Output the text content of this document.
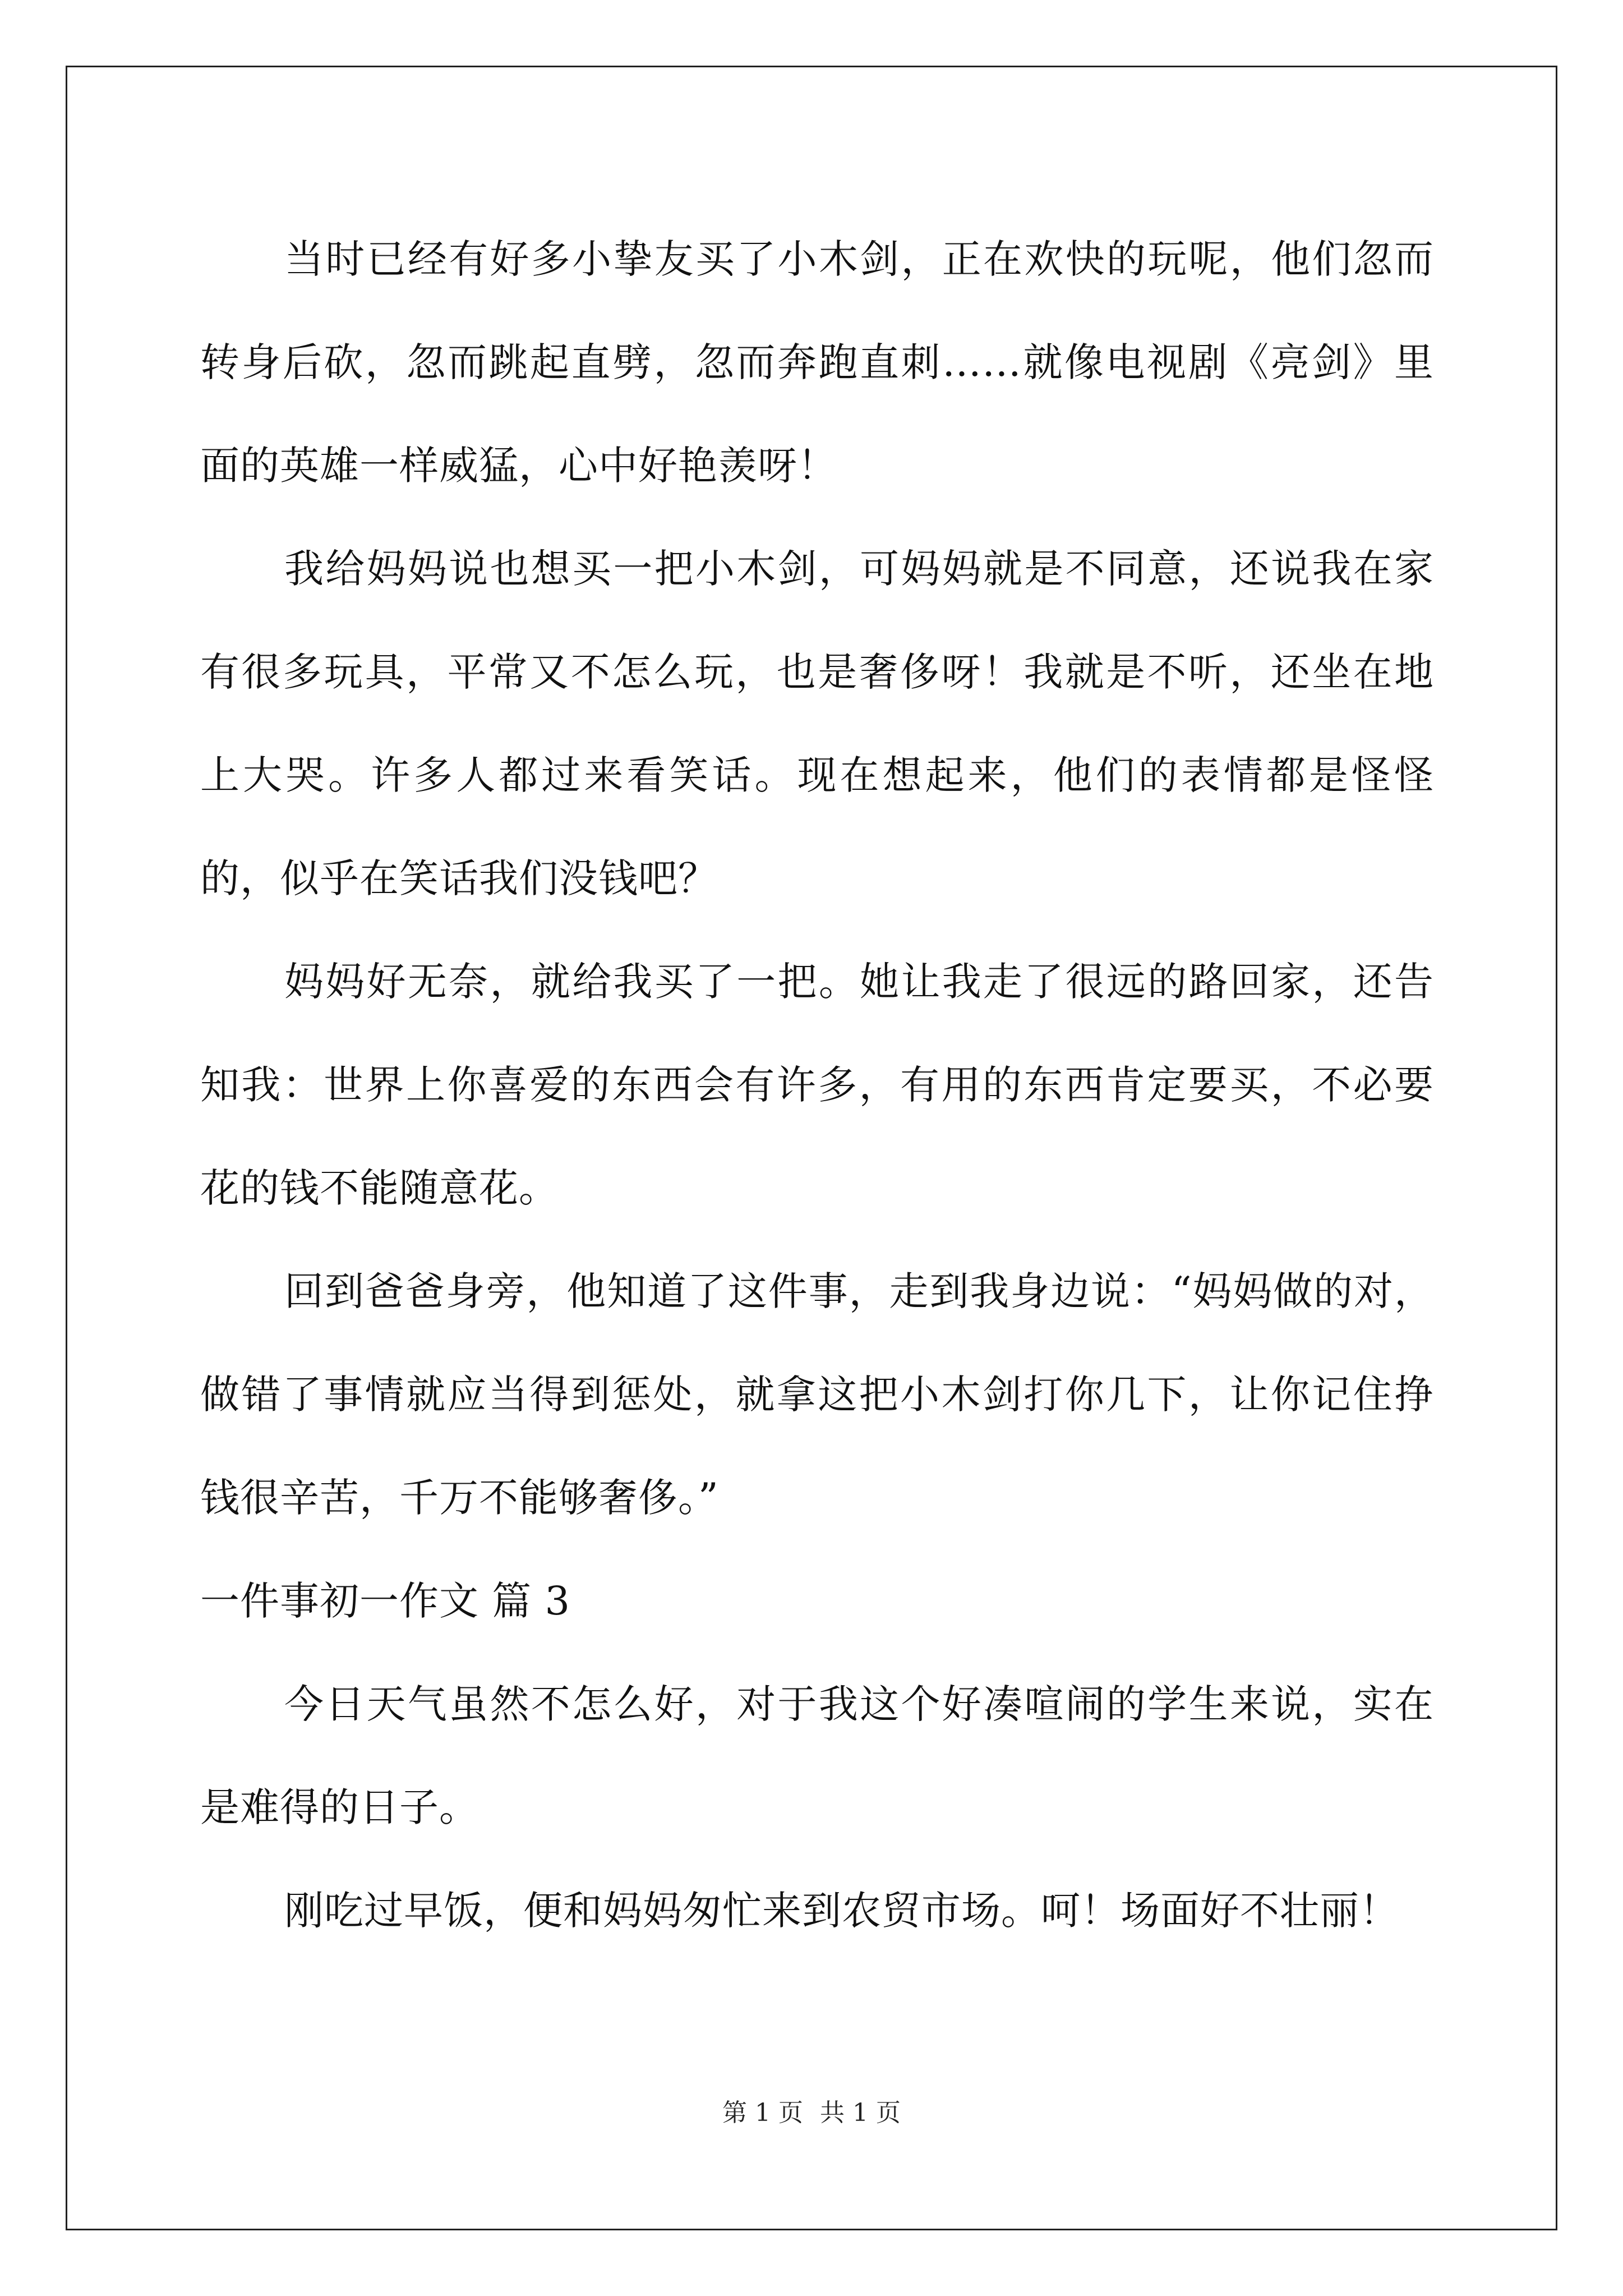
当时已经有好多小挚友买了小木剑，正在欢快的玩呢，他们忽而转身后砍，忽而跳起直劈，忽而奔跑直刺……就像电视剧《亮剑》里面的英雄一样威猛，心中好艳羡呀！

我给妈妈说也想买一把小木剑，可妈妈就是不同意，还说我在家有很多玩具，平常又不怎么玩，也是奢侈呀！我就是不听，还坐在地上大哭。许多人都过来看笑话。现在想起来，他们的表情都是怪怪的，似乎在笑话我们没钱吧？

妈妈好无奈，就给我买了一把。她让我走了很远的路回家，还告知我：世界上你喜爱的东西会有许多，有用的东西肯定要买，不必要花的钱不能随意花。

回到爸爸身旁，他知道了这件事，走到我身边说：“妈妈做的对，做错了事情就应当得到惩处，就拿这把小木剑打你几下，让你记住挣钱很辛苦，千万不能够奢侈。”

一件事初一作文 篇 3

今日天气虽然不怎么好，对于我这个好凑喧闹的学生来说，实在是难得的日子。

刚吃过早饭，便和妈妈匆忙来到农贸市场。呵！场面好不壮丽！

第 1 页 共 1 页
